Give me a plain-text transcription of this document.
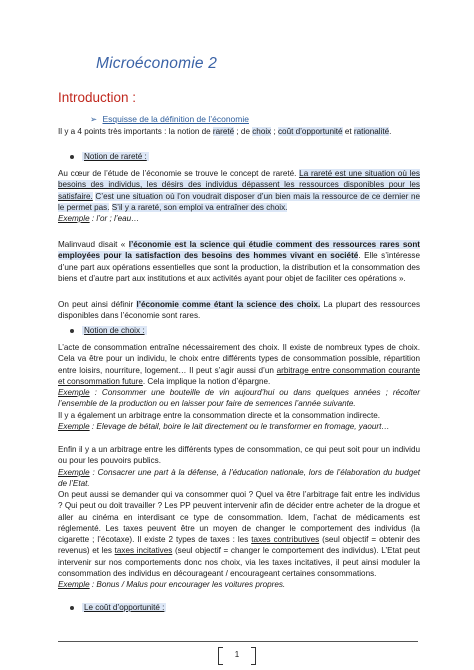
Microéconomie 2
Introduction :
➢ Esquisse de la définition de l’économie

Il y a 4 points très importants : la notion de rareté ; de choix ; coût d’opportunité et rationalité.

Notion de rareté :

Au cœur de l’étude de l’économie se trouve le concept de rareté. La rareté est une situation où les besoins des individus, les désirs des individus dépassent les ressources disponibles pour les satisfaire. C’est une situation où l’on voudrait disposer d’un bien mais la ressource de ce dernier ne le permet pas. S’il y a rareté, son emploi va entraîner des choix.
Exemple : l’or ; l’eau…

Malinvaud disait « l’économie est la science qui étudie comment des ressources rares sont employées pour la satisfaction des besoins des hommes vivant en société. Elle s’intéresse d’une part aux opérations essentielles que sont la production, la distribution et la consommation des biens et d’autre part aux institutions et aux activités ayant pour objet de faciliter ces opérations ».

On peut ainsi définir l’économie comme étant la science des choix. La plupart des ressources disponibles dans l’économie sont rares.

Notion de choix :

L’acte de consommation entraîne nécessairement des choix. Il existe de nombreux types de choix. Cela va être pour un individu, le choix entre différents types de consommation possible, répartition entre loisirs, nourriture, logement… Il peut s’agir aussi d’un arbitrage entre consommation courante et consommation future. Cela implique la notion d’épargne.
Exemple : Consommer une bouteille de vin aujourd’hui ou dans quelques années ; récolter l’ensemble de la production ou en laisser pour faire de semences l’année suivante.

Il y a également un arbitrage entre la consommation directe et la consommation indirecte.
Exemple : Elevage de bétail, boire le lait directement ou le transformer en fromage, yaourt…

Enfin il y a un arbitrage entre les différents types de consommation, ce qui peut soit pour un individu ou pour les pouvoirs publics.
Exemple : Consacrer une part à la défense, à l’éducation nationale, lors de l’élaboration du budget de l’Etat.

On peut aussi se demander qui va consommer quoi ? Quel va être l’arbitrage fait entre les individus ? Qui peut ou doit travailler ? Les PP peuvent intervenir afin de décider entre acheter de la drogue et aller au cinéma en interdisant ce type de consommation. Idem, l’achat de médicaments est réglementé. Les taxes peuvent être un moyen de changer le comportement des individus (la cigarette ; l’écotaxe). Il existe 2 types de taxes : les taxes contributives (seul objectif = obtenir des revenus) et les taxes incitatives (seul objectif = changer le comportement des individus). L’Etat peut intervenir sur nos comportements donc nos choix, via les taxes incitatives, il peut ainsi moduler la consommation des individus en décourageant / encourageant certaines consommations.
Exemple : Bonus / Malus pour encourager les voitures propres.

Le coût d’opportunité :
1
